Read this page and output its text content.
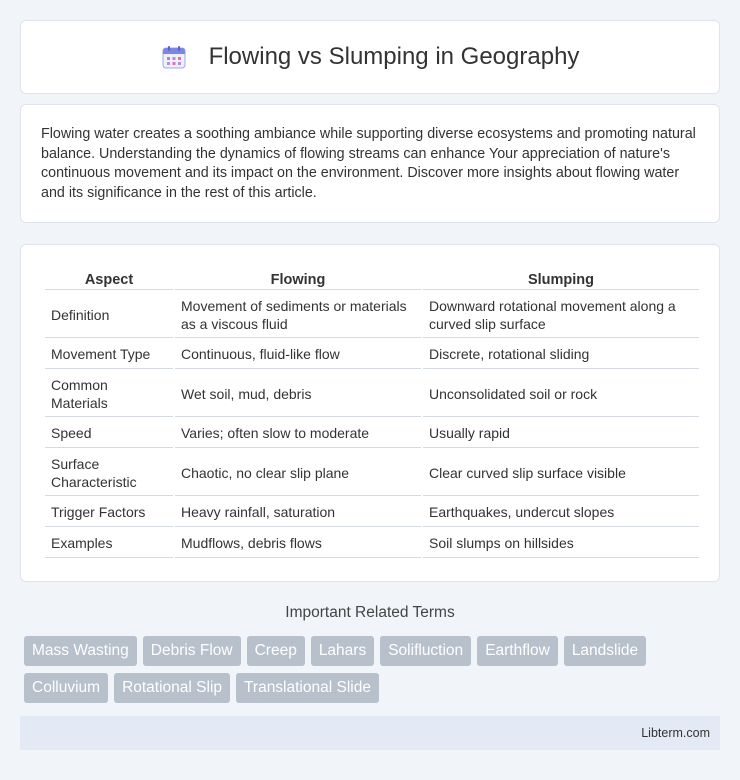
Flowing vs Slumping in Geography

Flowing water creates a soothing ambiance while supporting diverse ecosystems and promoting natural balance. Understanding the dynamics of flowing streams can enhance Your appreciation of nature's continuous movement and its impact on the environment. Discover more insights about flowing water and its significance in the rest of this article.

Aspect	Flowing	Slumping
Definition	Movement of sediments or materials as a viscous fluid	Downward rotational movement along a curved slip surface
Movement Type	Continuous, fluid-like flow	Discrete, rotational sliding
Common Materials	Wet soil, mud, debris	Unconsolidated soil or rock
Speed	Varies; often slow to moderate	Usually rapid
Surface Characteristic	Chaotic, no clear slip plane	Clear curved slip surface visible
Trigger Factors	Heavy rainfall, saturation	Earthquakes, undercut slopes
Examples	Mudflows, debris flows	Soil slumps on hillsides
Important Related Terms
Mass Wasting	Debris Flow	Creep	Lahars	Solifluction	Earthflow	Landslide
Colluvium	Rotational Slip	Translational Slide
Libterm.com
